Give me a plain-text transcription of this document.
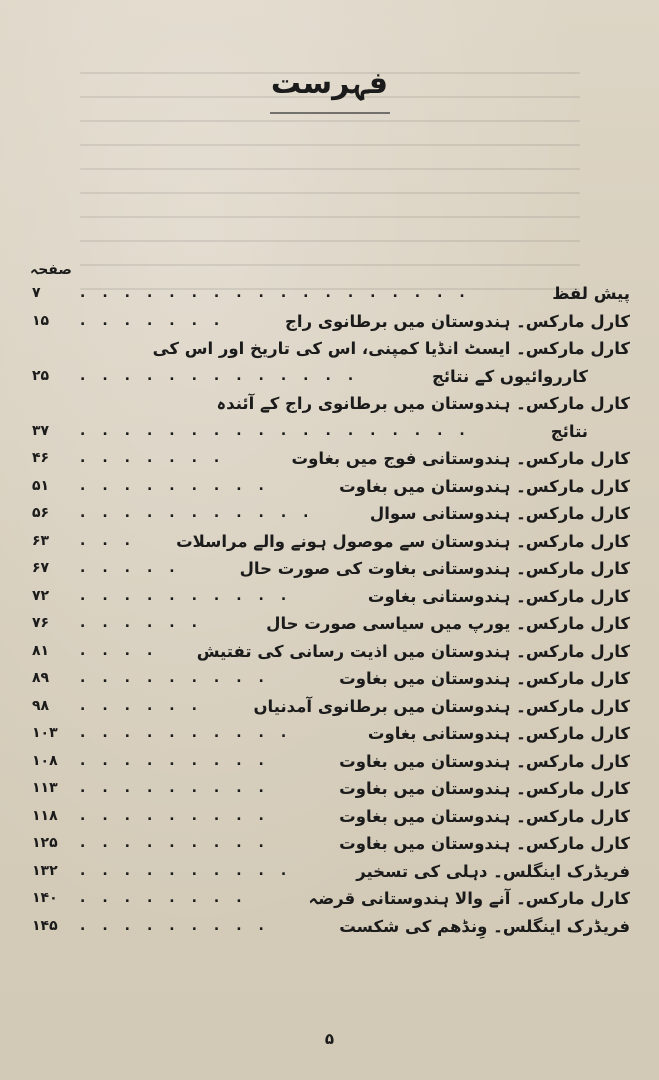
فہرست
صفحہ
پیش لفظ
..................
۷
کارل مارکس۔ ہندوستان میں برطانوی راج
.......
۱۵
کارل مارکس۔ ایسٹ انڈیا کمپنی، اس کی تاریخ اور اس کی
کارروائیوں کے نتائج
.............
۲۵
کارل مارکس۔ ہندوستان میں برطانوی راج کے آئندہ
نتائج
..................
۳۷
کارل مارکس۔ ہندوستانی فوج میں بغاوت
.......
۴۶
کارل مارکس۔ ہندوستان میں بغاوت
.........
۵۱
کارل مارکس۔ ہندوستانی سوال
...........
۵۶
کارل مارکس۔ ہندوستان سے موصول ہونے والے مراسلات
...
۶۳
کارل مارکس۔ ہندوستانی بغاوت کی صورت حال
.....
۶۷
کارل مارکس۔ ہندوستانی بغاوت
..........
۷۲
کارل مارکس۔ یورپ میں سیاسی صورت حال
......
۷۶
کارل مارکس۔ ہندوستان میں اذیت رسانی کی تفتیش
....
۸۱
کارل مارکس۔ ہندوستان میں بغاوت
.........
۸۹
کارل مارکس۔ ہندوستان میں برطانوی آمدنیاں
......
۹۸
کارل مارکس۔ ہندوستانی بغاوت
..........
۱۰۳
کارل مارکس۔ ہندوستان میں بغاوت
.........
۱۰۸
کارل مارکس۔ ہندوستان میں بغاوت
.........
۱۱۳
کارل مارکس۔ ہندوستان میں بغاوت
.........
۱۱۸
کارل مارکس۔ ہندوستان میں بغاوت
.........
۱۲۵
فریڈرک اینگلس۔ دہلی کی تسخیر
..........
۱۳۲
کارل مارکس۔ آنے والا ہندوستانی قرضہ
........
۱۴۰
فریڈرک اینگلس۔ وِنڈھم کی شکست
.........
۱۴۵
۵
